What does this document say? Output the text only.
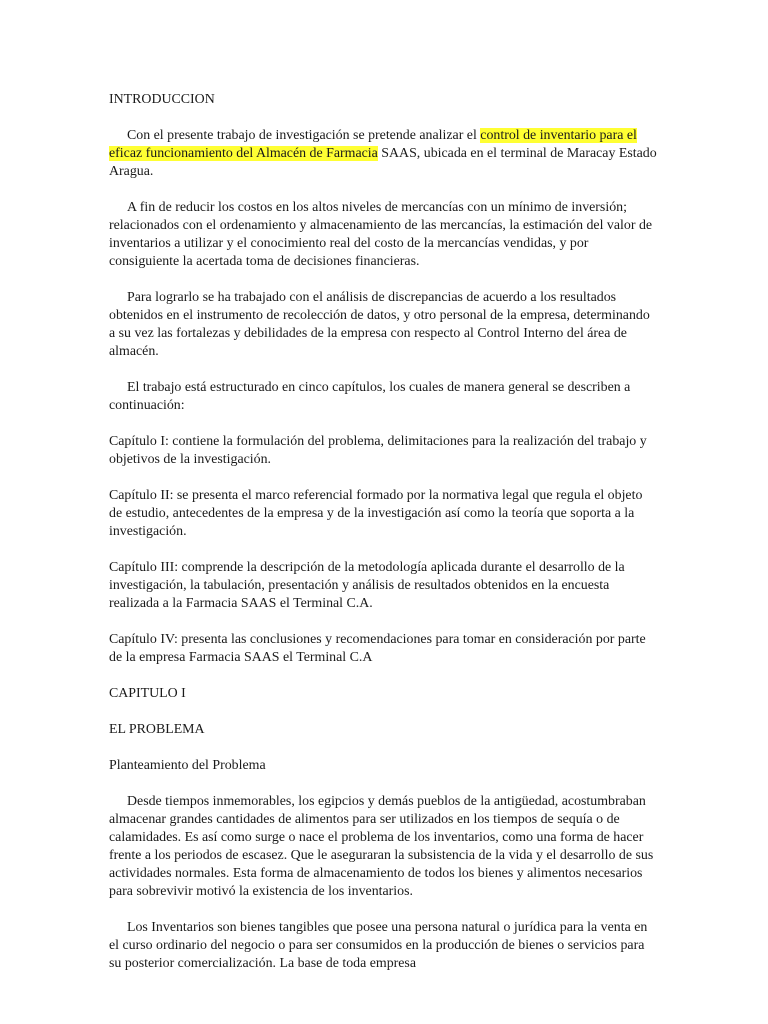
INTRODUCCION

Con el presente trabajo de investigación se pretende analizar el control de inventario para el eficaz funcionamiento del Almacén de Farmacia SAAS, ubicada en el terminal de Maracay Estado Aragua.

A fin de reducir los costos en los altos niveles de mercancías con un mínimo de inversión; relacionados con el ordenamiento y almacenamiento de las mercancías, la estimación del valor de inventarios a utilizar y el conocimiento real del costo de la mercancías vendidas, y por consiguiente la acertada toma de decisiones financieras.

Para lograrlo se ha trabajado con el análisis de discrepancias de acuerdo a los resultados obtenidos en el instrumento de recolección de datos, y otro personal de la empresa, determinando a su vez las fortalezas y debilidades de la empresa con respecto al Control Interno del área de almacén.

El trabajo está estructurado en cinco capítulos, los cuales de manera general se describen a continuación:

Capítulo I: contiene la formulación del problema, delimitaciones para la realización del trabajo y objetivos de la investigación.

Capítulo II: se presenta el marco referencial formado por la normativa legal que regula el objeto de estudio, antecedentes de la empresa y de la investigación así como la teoría que soporta a la investigación.

Capítulo III: comprende la descripción de la metodología aplicada durante el desarrollo de la investigación, la tabulación, presentación y análisis de resultados obtenidos en la encuesta realizada a la Farmacia SAAS el Terminal C.A.

Capítulo IV: presenta las conclusiones y recomendaciones para tomar en consideración por parte de la empresa Farmacia SAAS el Terminal C.A

CAPITULO I

EL PROBLEMA

Planteamiento del Problema

Desde tiempos inmemorables, los egipcios y demás pueblos de la antigüedad, acostumbraban almacenar grandes cantidades de alimentos para ser utilizados en los tiempos de sequía o de calamidades. Es así como surge o nace el problema de los inventarios, como una forma de hacer frente a los periodos de escasez. Que le aseguraran la subsistencia de la vida y el desarrollo de sus actividades normales. Esta forma de almacenamiento de todos los bienes y alimentos necesarios para sobrevivir motivó la existencia de los inventarios.

Los Inventarios son bienes tangibles que posee una persona natural o jurídica para la venta en el curso ordinario del negocio o para ser consumidos en la producción de bienes o servicios para su posterior comercialización. La base de toda empresa
